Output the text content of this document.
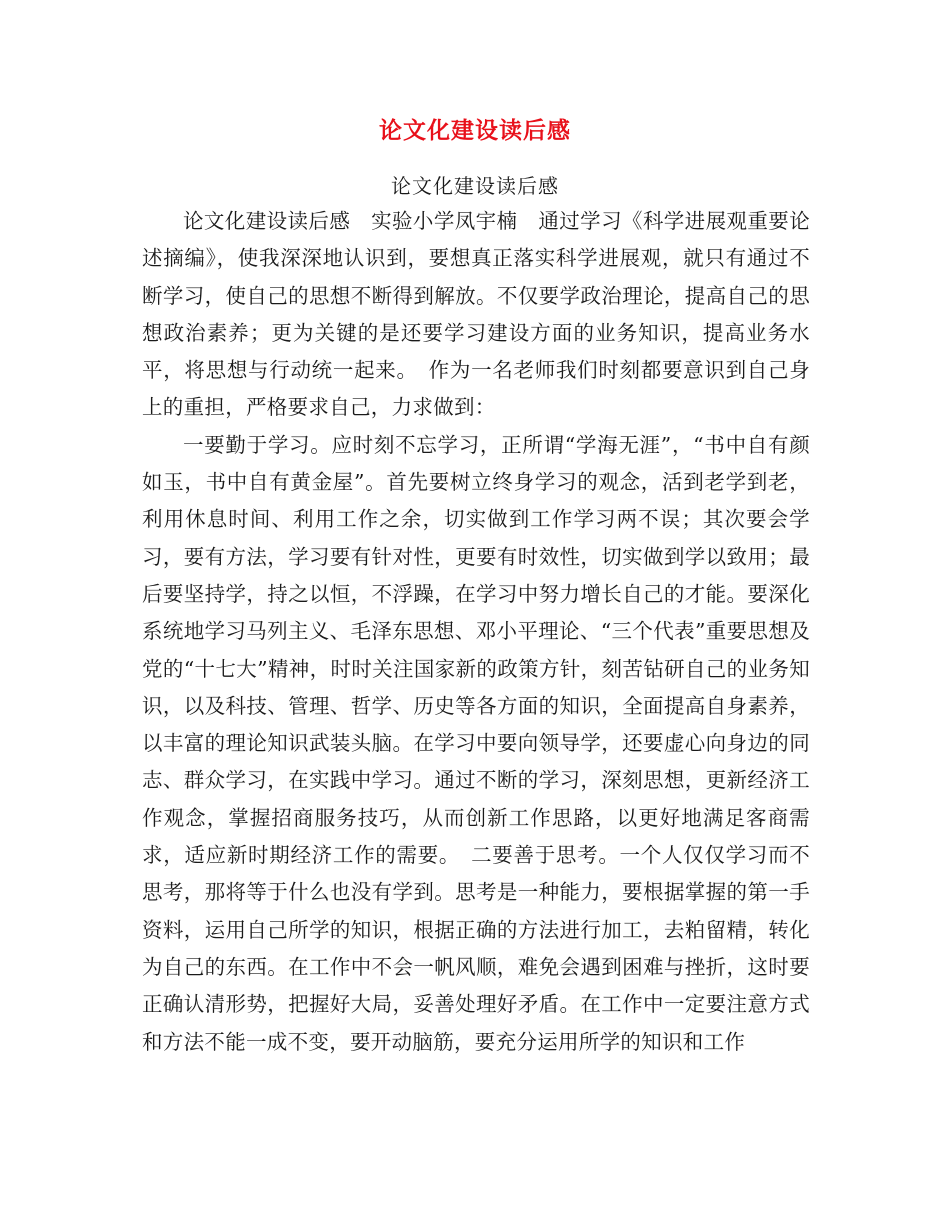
论文化建设读后感
论文化建设读后感

论文化建设读后感　实验小学凤宇楠　通过学习《科学进展观重要论述摘编》，使我深深地认识到，要想真正落实科学进展观，就只有通过不断学习，使自己的思想不断得到解放。不仅要学政治理论，提高自己的思想政治素养；更为关键的是还要学习建设方面的业务知识，提高业务水平，将思想与行动统一起来。　作为一名老师我们时刻都要意识到自己身上的重担，严格要求自己，力求做到：

一要勤于学习。应时刻不忘学习，正所谓“学海无涯”，“书中自有颜如玉，书中自有黄金屋”。首先要树立终身学习的观念，活到老学到老，利用休息时间、利用工作之余，切实做到工作学习两不误；其次要会学习，要有方法，学习要有针对性，更要有时效性，切实做到学以致用；最后要坚持学，持之以恒，不浮躁，在学习中努力增长自己的才能。要深化系统地学习马列主义、毛泽东思想、邓小平理论、“三个代表”重要思想及党的“十七大”精神，时时关注国家新的政策方针，刻苦钻研自己的业务知识，以及科技、管理、哲学、历史等各方面的知识，全面提高自身素养，以丰富的理论知识武装头脑。在学习中要向领导学，还要虚心向身边的同志、群众学习，在实践中学习。通过不断的学习，深刻思想，更新经济工作观念，掌握招商服务技巧，从而创新工作思路，以更好地满足客商需求，适应新时期经济工作的需要。　二要善于思考。一个人仅仅学习而不思考，那将等于什么也没有学到。思考是一种能力，要根据掌握的第一手资料，运用自己所学的知识，根据正确的方法进行加工，去粕留精，转化为自己的东西。在工作中不会一帆风顺，难免会遇到困难与挫折，这时要正确认清形势，把握好大局，妥善处理好矛盾。在工作中一定要注意方式和方法不能一成不变，要开动脑筋，要充分运用所学的知识和工作
